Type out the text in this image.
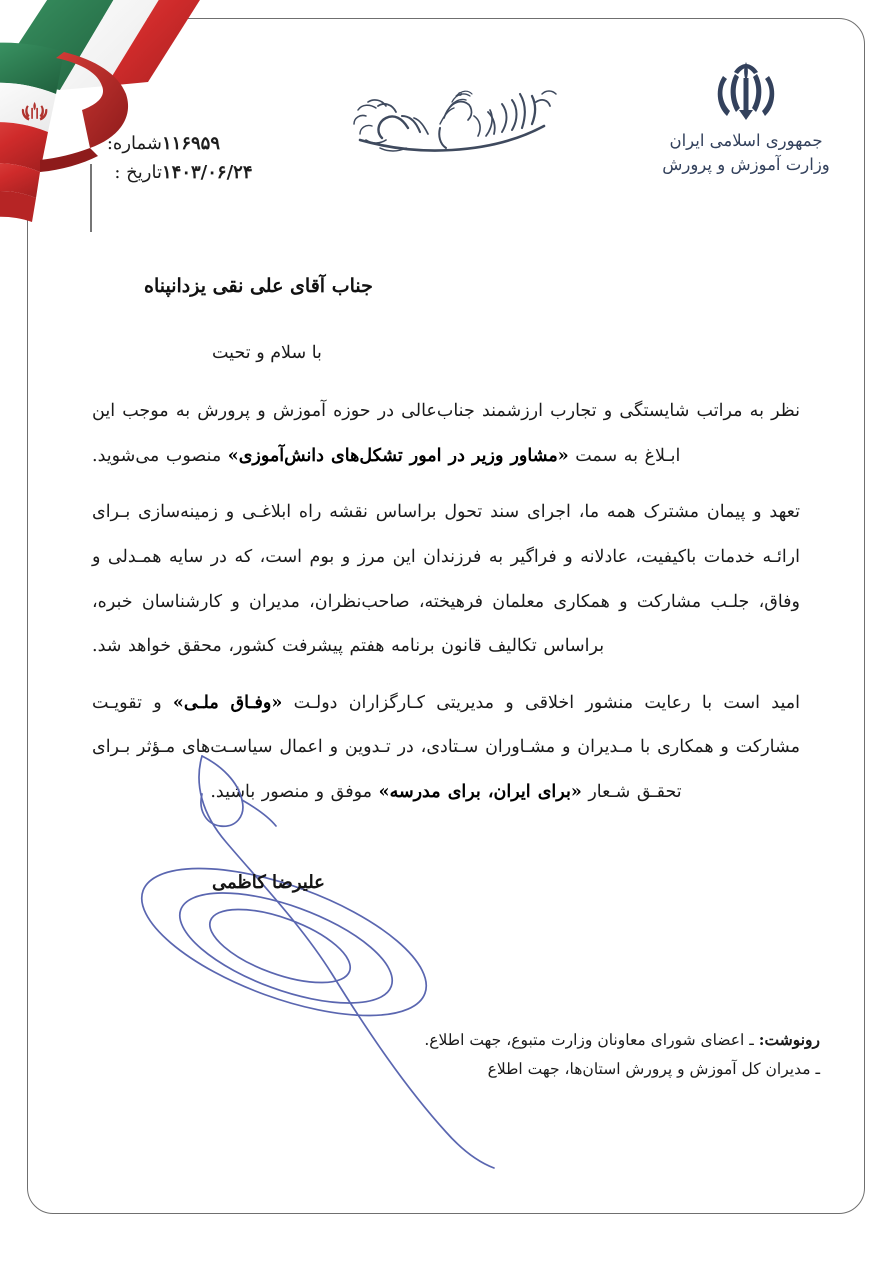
جمهوری اسلامی ایران
وزارت آموزش و پرورش
شماره: ۱۱۶۹۵۹
تاریخ : ۱۴۰۳/۰۶/۲۴
جناب آقای علی نقی یزدانپناه
با سلام و تحیت

نظر به مراتب شایستگی و تجارب ارزشمند جناب‌عالی در حوزه آموزش و پرورش به موجب این ابـلاغ به سمت «مشاور وزیر در امور تشکل‌های دانش‌آموزی» منصوب می‌شوید.

تعهد و پیمان مشترک همه ما، اجرای سند تحول براساس نقشه راه ابلاغـی و زمینه‌سازی بـرای ارائـه خدمات باکیفیت، عادلانه و فراگیر به فرزندان این مرز و بوم است، که در سایه همـدلی و وفاق، جلـب مشارکت و همکاری معلمان فرهیخته، صاحب‌نظران، مدیران و کارشناسان خبره، براساس تکالیف قانون برنامه هفتم پیشرفت کشور، محقق خواهد شد.

امید است با رعایت منشور اخلاقی و مدیریتی کـارگزاران دولـت «وفـاق ملـی» و تقویـت مشارکت و همکاری با مـدیران و مشـاوران سـتادی، در تـدوین و اعمال سیاسـت‌های مـؤثر بـرای تحقـق شـعار «برای ایران، برای مدرسه» موفق و منصور باشید.

علیرضا کاظمی
رونوشت: ـ اعضای شورای معاونان وزارت متبوع، جهت اطلاع.
ـ مدیران کل آموزش و پرورش استان‌ها، جهت اطلاع
